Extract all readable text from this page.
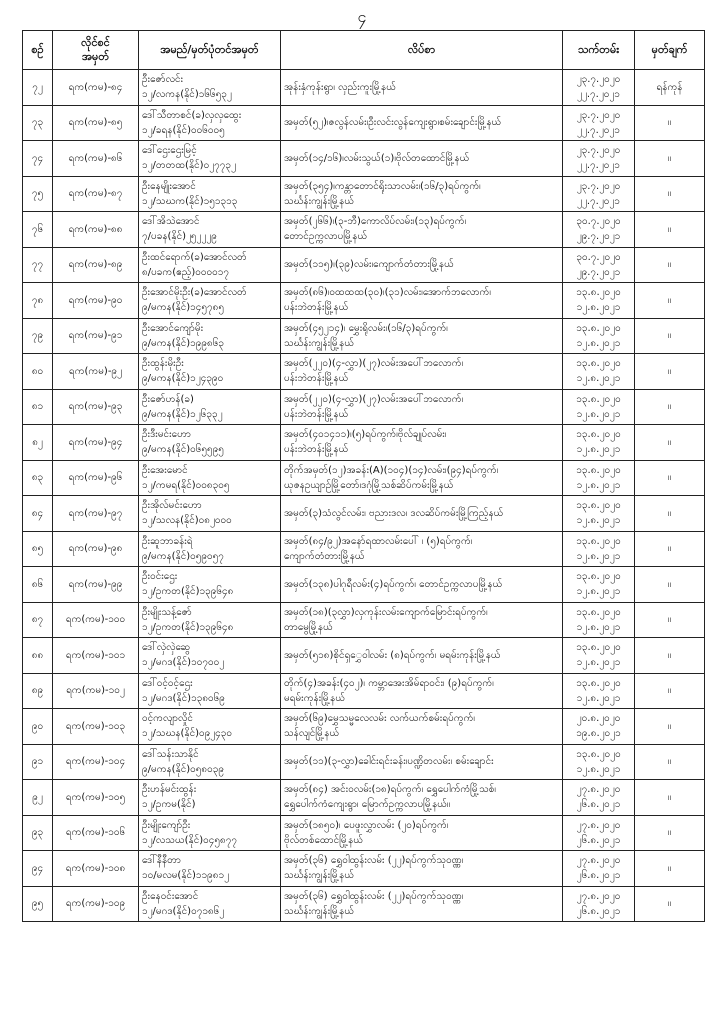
၄
စဉ်	လိုင်စင်
အမှတ်	အမည်/မှတ်ပုံတင်အမှတ်	လိပ်စာ	သက်တမ်း	မှတ်ချက်

၇၂	ရက(ကမ)-၈၄	ဦးဇော်လင်း
၁၂/လကန(နိုင်)၁၆၆၅၃၂	အုန်းနှံကုန်းရွာ၊ လှည်းကူးမြို့နယ်	၂၃.၇.၂၀၂၀
၂၂.၇.၂၀၂၁	ရန်ကုန်

၇၃	ရက(ကမ)-၈၅	ဒေါ်သီတာစင်(ခ)လှလှထွေး
၁၂/ခရန(နိုင်)၀၀၆၀၀၅	အမှတ်(၅၂)၊ဇလွန်လမ်း၊ဦးလင်းလွန်ကျေးရွာ၊စမ်းချောင်းမြို့နယ်	၂၃.၇.၂၀၂၀
၂၂.၇.၂၀၂၁	။

၇၄	ရက(ကမ)-၈၆	ဒေါ်ဌေးဌေးမြင့်
၁၂/တတထ(နိုင်)၀၂၇၇၃၂	အမှတ်(၁၄/၁၆)၊လမ်းသွယ်(၁)၊ဗိုလ်တထောင်မြို့နယ်	၂၃.၇.၂၀၂၀
၂၂.၇.၂၀၂၁	။

၇၅	ရက(ကမ)-၈၇	ဦးနေမျိုးအောင်
၁၂/သဃက(နိုင်)၁၅၁၃၁၃	အမှတ်(၃၅၄)၊ကန္တာတောင်ရိုးသာလမ်း၊(၁၆/၃)ရပ်ကွက်၊
သင်္ဃန်းကျွန်းမြို့နယ်	၂၃.၇.၂၀၂၀
၂၂.၇.၂၀၂၁	။

၇၆	ရက(ကမ)-၈၈	ဒေါ်အိသဲအောင်
၇/ပခန(နိုင်)၂၅၂၂၂၉	အမှတ်(၂၆၆)၊(၃-ဘီ)ကောလိပ်လမ်း၊(၁၃)ရပ်ကွက်၊
တောင်ဥက္ကလာပမြို့နယ်	၃၀.၇.၂၀၂၀
၂၉.၇.၂၀၂၁	။

၇၇	ရက(ကမ)-၈၉	ဦးထင်ရောက်(ခ)အောင်လတ်
၈/ပခက(ဧည့်)၀၀၀၀၁၇	အမှတ်(၁၁၅)၊(၃၉)လမ်း၊ကျောက်တံတားမြို့နယ်	၃၀.၇.၂၀၂၀
၂၉.၇.၂၀၂၁	။

၇၈	ရက(ကမ)-၉၀	ဦးအောင်မိုးဦး(ခ)အောင်လတ်
၉/မကန(နိုင်)၁၄၅၇၈၅	အမှတ်(၈၆)၊၀ထထထ(၃၀)၊(၃၁)လမ်း၊အောက်ဘလောက်၊
ပန်းဘဲတန်းမြို့နယ်	၁၃.၈.၂၀၂၀
၁၂.၈.၂၀၂၁	။

၇၉	ရက(ကမ)-၉၁	ဦးအောင်ကျော်မိုး
၉/မကန(နိုင်)၁၉၉၈၆၃	အမှတ်(၄၅၂၁၄)၊ မွှေးရိုလမ်း၊(၁၆/၃)ရပ်ကွက်၊
သင်္ဃန်းကျွန်းမြို့နယ်	၁၃.၈.၂၀၂၀
၁၂.၈.၂၀၂၁	။

၈၀	ရက(ကမ)-၉၂	ဦးထွန်းမိုးဦး
၉/မကန(နိုင်)၁၂၄၃၉၀	အမှတ်(၂၂၀)(၄-လွှာ)(၂၇)လမ်းအပေါ်ဘလောက်၊
ပန်းဘဲတန်းမြို့နယ်	၁၃.၈.၂၀၂၀
၁၂.၈.၂၀၂၁	။

၈၁	ရက(ကမ)-၉၃	ဦးဇော်ဟန်(ခ)
၉/မကန(နိုင်)၁၂၆၃၃၂	အမှတ်(၂၂၀)(၄-လွှာ)(၂၇)လမ်းအပေါ်ဘလောက်၊
ပန်းဘဲတန်းမြို့နယ်	၁၃.၈.၂၀၂၀
၁၂.၈.၂၀၂၁	။

၈၂	ရက(ကမ)-၉၄	ဦးဒီးမင်းဟော
၉/မကန(နိုင်)၀၆၅၅၉၅	အမှတ်(၄၀၁၄၁၁)၊(၅)ရပ်ကွက်၊ဗိုလ်ချုပ်လမ်း၊
ပန်းဘဲတန်းမြို့နယ်	၁၃.၈.၂၀၂၀
၁၂.၈.၂၀၂၁	။

၈၃	ရက(ကမ)-၉၆	ဦးအေးမောင်
၁၂/ကမရ(နိုင်)၀၀၈၃၀၅	တိုက်အမှတ်(၁၂)အခန်း(A)(၁၀၄)(၁၄)လမ်း၊(၉၄)ရပ်ကွက်၊
ယုဇနဥယျာဉ်မြို့တော်၊ဒဂုံမြို့သစ်ဆိပ်ကမ်းမြို့နယ်	၁၃.၈.၂၀၂၀
၁၂.၈.၂၀၂၁	။

၈၄	ရက(ကမ)-၉၇	ဦးအိုလ်မင်းဟော
၁၂/သလန(နိုင်)၀၈၂၀၀၀	အမှတ်(၃)သံလွင်လမ်း၊ ဗညားဒလ၊ ဒလဆိပ်ကမ်းမြို့ကြည့်နယ်	၁၃.၈.၂၀၂၀
၁၂.၈.၂၀၂၁	။

၈၅	ရက(ကမ)-၉၈	ဦးဆူဘာခန်းရဲ
၉/မကန(နိုင်)၀၅၉၀၅၇	အမှတ်(၈၄/၉၂)အနော်ရထာလမ်းပေါ် ၊ (၅)ရပ်ကွက်၊
ကျောက်တံတားမြို့နယ်	၁၃.၈.၂၀၂၀
၁၂.၈.၂၀၂၁	။

၈၆	ရက(ကမ)-၉၉	ဦးဝင်းဌေး
၁၂/ဥကတ(နိုင်)၁၃၉၆၄၈	အမှတ်(၁၃၈)ပါဂုရီလမ်း(၄)ရပ်ကွက်၊ တောင်ဥက္ကလာပမြို့နယ်	၁၃.၈.၂၀၂၀
၁၂.၈.၂၀၂၁	။

၈၇	ရက(ကမ)-၁၀၀	ဦးမျိုးသန့်ဇော်
၁၂/ဥကတ(နိုင်)၁၃၉၆၄၈	အမှတ်(၁၈)(၃လွှာ)လှကုန်းလမ်းကျောက်မြောင်းရပ်ကွက်၊
တာမွေမြို့နယ်	၁၃.၈.၂၀၂၀
၁၂.၈.၂၀၂၁	။

၈၈	ရက(ကမ)-၁၀၁	ဒေါ်လှဲလှဲဆွေ
၁၂/မဂဒ(နိုင်)၁၀၇၀၀၂	အမှတ်(၅၁၈)စိုင်ရှွှေဝါလမ်း (၈)ရပ်ကွက်၊ မရမ်းကုန်းမြို့နယ်	၁၃.၈.၂၀၂၀
၁၂.၈.၂၀၂၁	။

၈၉	ရက(ကမ)-၁၀၂	ဒေါ်ဝင့်ဝင့်ဌေး
၁၂/မဂဒ(နိုင်)၁၃၈၀၆၉	တိုက်(၄)အခန်း(၄၀၂)၊ ကမ္ဘာအေးအိမ်ရာဝင်း၊ (၉)ရပ်ကွက်၊
မရမ်းကုန်းမြို့နယ်	၁၃.၈.၂၀၂၀
၁၂.၈.၂၀၂၁	။

၉၀	ရက(ကမ)-၁၀၃	ဝင့်ကလျာလှိုင်
၁၂/သဃန(နိုင်)၀၉၂၄၃၀	အမှတ်(၆၉)မွှေသမ္မလေလမ်း လက်ယက်စမ်းရပ်ကွက်၊
သန်လျင်မြို့နယ်	၂၀.၈.၂၀၂၀
၁၉.၈.၂၀၂၁	။

၉၁	ရက(ကမ)-၁၀၄	ဒေါ်သန်းသာနိုင်
၉/မကန(နိုင်)၀၅၈၀၃၉	အမှတ်(၁၁)(၃-လွှာ)ခေါင်းရင်းခန်း၊ပဏ္ဍိတလမ်း၊ စမ်းချောင်း	၁၃.၈.၂၀၂၀
၁၂.၈.၂၀၂၁	။

၉၂	ရက(ကမ)-၁၀၅	ဦးဟန်မင်းထွန်း
၁၂/ဥကမ(နိုင်)	အမှတ်(၈၄) အင်းဝလမ်း(၁၈)ရပ်ကွက်၊ ရွှေပေါက်ကံမြို့သစ်၊
ရွှေပေါက်ကံကျေးရွာ၊ မြောက်ဥက္ကလာပမြို့နယ်။	၂၇.၈.၂၀၂၀
၂၆.၈.၂၀၂၁	။

၉၃	ရက(ကမ)-၁၀၆	ဦးမျိုးကျော်ဦး
၁၂/လသယ(နိုင်)၀၄၅၈၇၇	အမှတ်(၁၈၅၀)၊ ပေဖူးလွှာလမ်း (၂၀)ရပ်ကွက်၊
ဗိုလ်တစ်ထောင်မြို့နယ်	၂၇.၈.၂၀၂၀
၂၆.၈.၂၀၂၁	။

၉၄	ရက(ကမ)-၁၀၈	ဒေါ်နီနီတာ
၁၀/မလမ(နိုင်)၁၁၉၈၁၂	အမှတ်(၃၆) ရွှေဝါထွန်းလမ်း (၂၂)ရပ်ကွက်သုဝဏ္ဏ၊
သင်္ဃန်းကျွန်းမြို့နယ်	၂၇.၈.၂၀၂၀
၂၆.၈.၂၀၂၁	။

၉၅	ရက(ကမ)-၁၀၉	ဦးနေဝင်းအောင်
၁၂/မဂဒ(နိုင်)၀၇၁၈၆၂	အမှတ်(၃၆) ရွှေဝါထွန်းလမ်း (၂၂)ရပ်ကွက်သုဝဏ္ဏ၊
သင်္ဃန်းကျွန်းမြို့နယ်	၂၇.၈.၂၀၂၀
၂၆.၈.၂၀၂၁	။
